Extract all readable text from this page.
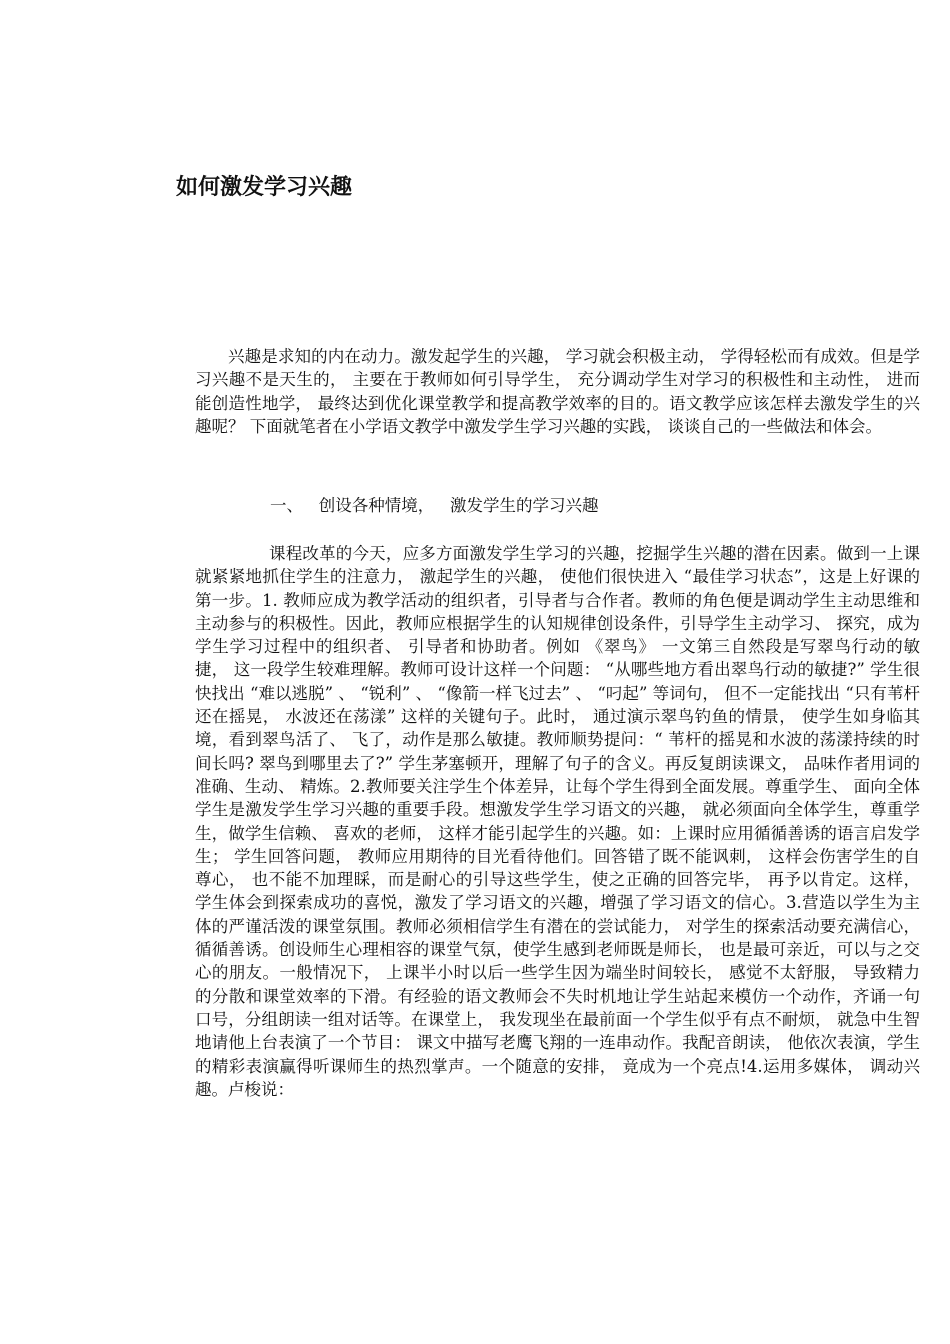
如何激发学习兴趣

兴趣是求知的内在动力。激发起学生的兴趣， 学习就会积极主动， 学得轻松而有成效。但是学习兴趣不是天生的， 主要在于教师如何引导学生， 充分调动学生对学习的积极性和主动性， 进而能创造性地学， 最终达到优化课堂教学和提高教学效率的目的。语文教学应该怎样去激发学生的兴趣呢？ 下面就笔者在小学语文教学中激发学生学习兴趣的实践， 谈谈自己的一些做法和体会。

一、   创设各种情境，   激发学生的学习兴趣

课程改革的今天，应多方面激发学生学习的兴趣，挖掘学生兴趣的潜在因素。做到一上课就紧紧地抓住学生的注意力， 激起学生的兴趣， 使他们很快进入 “最佳学习状态”，这是上好课的第一步。1. 教师应成为教学活动的组织者，引导者与合作者。教师的角色便是调动学生主动思维和主动参与的积极性。因此，教师应根据学生的认知规律创设条件，引导学生主动学习、 探究，成为学生学习过程中的组织者、 引导者和协助者。例如 《翠鸟》 一文第三自然段是写翠鸟行动的敏捷， 这一段学生较难理解。教师可设计这样一个问题： “从哪些地方看出翠鸟行动的敏捷?” 学生很快找出 “难以逃脱” 、 “锐利” 、 “像箭一样飞过去” 、 “叼起” 等词句， 但不一定能找出 “只有苇杆还在摇晃， 水波还在荡漾” 这样的关键句子。此时， 通过演示翠鸟钓鱼的情景， 使学生如身临其境，看到翠鸟活了、 飞了，动作是那么敏捷。教师顺势提问：“ 苇杆的摇晃和水波的荡漾持续的时间长吗? 翠鸟到哪里去了?” 学生茅塞顿开，理解了句子的含义。再反复朗读课文， 品味作者用词的准确、生动、 精炼。2.教师要关注学生个体差异，让每个学生得到全面发展。尊重学生、 面向全体学生是激发学生学习兴趣的重要手段。想激发学生学习语文的兴趣， 就必须面向全体学生，尊重学生，做学生信赖、 喜欢的老师， 这样才能引起学生的兴趣。如：上课时应用循循善诱的语言启发学生； 学生回答问题， 教师应用期待的目光看待他们。回答错了既不能讽刺， 这样会伤害学生的自尊心， 也不能不加理睬，而是耐心的引导这些学生，使之正确的回答完毕， 再予以肯定。这样， 学生体会到探索成功的喜悦，激发了学习语文的兴趣，增强了学习语文的信心。3.营造以学生为主体的严谨活泼的课堂氛围。教师必须相信学生有潜在的尝试能力， 对学生的探索活动要充满信心， 循循善诱。创设师生心理相容的课堂气氛，使学生感到老师既是师长， 也是最可亲近，可以与之交心的朋友。一般情况下， 上课半小时以后一些学生因为端坐时间较长， 感觉不太舒服， 导致精力的分散和课堂效率的下滑。有经验的语文教师会不失时机地让学生站起来模仿一个动作，齐诵一句口号，分组朗读一组对话等。在课堂上， 我发现坐在最前面一个学生似乎有点不耐烦， 就急中生智地请他上台表演了一个节目： 课文中描写老鹰飞翔的一连串动作。我配音朗读， 他依次表演，学生的精彩表演赢得听课师生的热烈掌声。一个随意的安排， 竟成为一个亮点!4.运用多媒体， 调动兴趣。卢梭说：
